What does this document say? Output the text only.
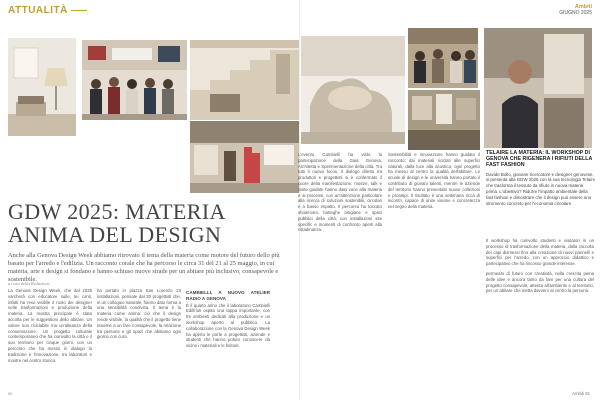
ATTUALITÀ
GDW 2025: MATERIA ANIMA DEL DESIGN
Anche alla Genova Design Week abbiamo ritrovato il tema della materia come motore del futuro dello più basato per l'arredo e l'edilizia. Un racconto corale che ha percorso le circa 31 del 21 al 25 maggio, in cui materia, arte e design si fondano e hanno schiuso nuove strade per un abitare più inclusivo, consapevole e sostenibile.
a cura della Redazione
La Genova Design Week, che dal 2025 varcherà con educatore sulle, lei conti, infatti ha reso visibile il ruolo dei designer nelle trasformazioni e produzione della materia. La mostra principale è stata accolta per le suggestioni dello abitare. Un valore non riciclabile ma un'alleanza della conservazione. Un progetto culturale contemporaneo che ha coinvolto la città e il suo territorio per cinque giorni, con un percorso che ha messo in dialogo la tradizione e l'innovazione, tra laboratori e mostre nel centro storico.
ha portato in piazza San Lorenzo 23 installazioni, pensate dal 20 progettisti che, in un colloquio naturale, hanno dato forma a una sensibilità condivisa. Il tema è la materia come anima: ciò che il design rende visibile, la qualità che il progetto tiene insieme a un fare consapevole, la relazione tra persone e gli spazi che abitiamo ogni giorno con cura.
CAMBIELLI, A NUOVO ATELIER RADIO A GENOVA
È il quarto anno che il laboratorio Cambielli Edilfriuli ospita una tappa importante, con tre ambienti dedicati alla produzione e un workshop aperto al pubblico. La collaborazione con la Genova Design Week ha aperto le porte a progettisti, aziende e studenti che hanno potuto conoscere da vicino i materiali e le finiture.
80
Ambiti
GIUGNO 2025
L'evento Cambielli ha visto la partecipazione della Gaia Genova, Architetta e Sperimentazione della città. Tra tutti il nuovo focus, il dialogo diretto tra produttori e progettisti si è confermato il cuore della manifestazione: mostre, talk e visite guidate hanno dato voce alla materia e ai processi, con un'attenzione particolare alla ricerca di soluzioni sostenibili, circolari e a basso impatto. Il percorso ha toccato showroom, botteghe artigiane e spazi pubblici della città, con installazioni site specific e momenti di confronto aperti alla cittadinanza.
Sostenibilità e innovazione hanno guidato il racconto: dai materiali riciclati alle superfici naturali, dalla luce alla acustica, ogni progetto ha messo al centro la qualità dell'abitare. Le scuole di design e le università hanno portato il contributo di giovani talenti, mentre le aziende del territorio hanno presentato nuove collezioni e prototipi. Il risultato è una settimana ricca di incontri, capace di unire visione e concretezza nel segno della materia.
TELAIRE LA MATERIA: IL WORKSHOP DI GENOVA CHE RIGENERA I RIFIUTI DELLA FAST FASHION
Davide Bollo, giovane ricercatore e designer genovese, si presenta alla GDW 2025 con la sua tecnologia Telaire che trasforma il tessuto da rifiuto in nuova materia prima. L'obiettivo? Ridurre l'impatto ambientale della fast fashion e dimostrare che il design può essere uno strumento concreto per l'economia circolare.
Il workshop ha coinvolto studenti e visitatori in un processo di trasformazione della materia, dalla raccolta dei capi dismessi fino alla creazione di nuovi pannelli e superfici per l'arredo, con un approccio didattico e partecipativo che ha riscosso grande interesse.
permeato di futuro con creatività, nella crescita piena delle idee e ancora tanto da fare per una cultura del progetto consapevole, attenta all'ambiente e al territorio, per un abitare che metta davvero al centro la persona.
Ambiti 81
